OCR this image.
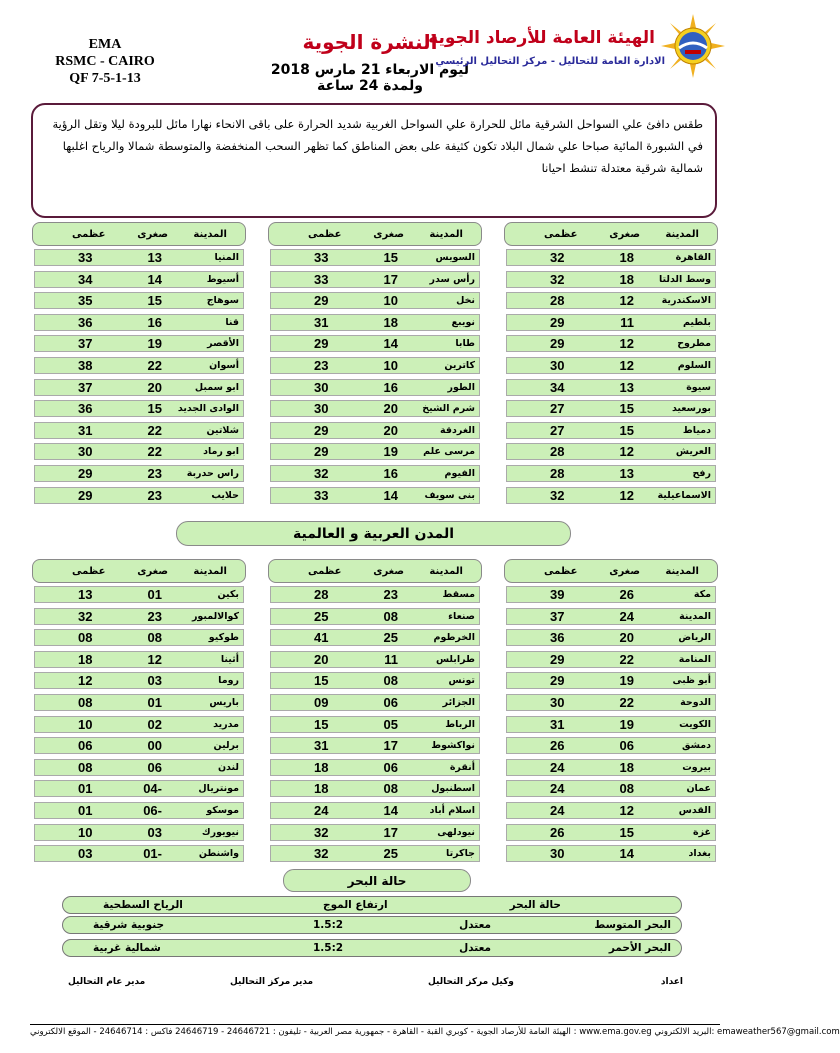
EMA
RSMC - CAIRO
QF 7-5-1-13
النشرة الجوية
ليوم الاربعاء 21 مارس 2018 ولمدة 24 ساعة
الهيئة العامة للأرصاد الجوية
الادارة العامة للتحاليل - مركز التحاليل الرئيسي
طقس دافئ علي السواحل الشرقية مائل للحرارة علي السواحل الغربية شديد الحرارة على باقى الانحاء نهارا مائل للبرودة ليلا وتقل الرؤية في الشبورة المائية صباحا علي شمال البلاد تكون كثيفة على بعض المناطق كما تظهر السحب المنخفضة والمتوسطة شمالا والرياح اغلبها شمالية شرقية معتدلة تنشط احيانا
المدينة
صغرى
عظمى
القاهرة
18
32
وسط الدلتا
18
32
الاسكندرية
12
28
بلطيم
11
29
مطروح
12
29
السلوم
12
30
سيوة
13
34
بورسعيد
15
27
دمياط
15
27
العريش
12
28
رفح
13
28
الاسماعيلية
12
32
المدينة
صغرى
عظمى
السويس
15
33
رأس سدر
17
33
نخل
10
29
نويبع
18
31
طابا
14
29
كاترين
10
23
الطور
16
30
شرم الشيخ
20
30
الغردقة
20
29
مرسى علم
19
29
الفيوم
16
32
بنى سويف
14
33
المدينة
صغرى
عظمى
المنيا
13
33
أسيوط
14
34
سوهاج
15
35
قنا
16
36
الأقصر
19
37
أسوان
22
38
ابو سمبل
20
37
الوادى الجديد
15
36
شلاتين
22
31
ابو رماد
22
30
راس حدربة
23
29
حلايب
23
29
المدن العربية و العالمية
المدينة
صغرى
عظمى
مكة
26
39
المدينة
24
37
الرياض
20
36
المنامة
22
29
أبو ظبى
19
29
الدوحة
22
30
الكويت
19
31
دمشق
06
26
بيروت
18
24
عمان
08
24
القدس
12
24
غزة
15
26
بغداد
14
30
المدينة
صغرى
عظمى
مسقط
23
28
صنعاء
08
25
الخرطوم
25
41
طرابلس
11
20
تونس
08
15
الجزائر
06
09
الرباط
05
15
نواكشوط
17
31
أنقرة
06
18
اسطنبول
08
18
اسلام أباد
14
24
نيودلهى
17
32
جاكرتا
25
32
المدينة
صغرى
عظمى
بكين
01
13
كوالالمبور
23
32
طوكيو
08
08
أثينا
12
18
روما
03
12
باريس
01
08
مدريد
02
10
برلين
00
06
لندن
06
08
مونتريال
04-
01
موسكو
06-
01
نيويورك
03
10
واشنطن
01-
03
حالة البحر
حالة البحر
ارتفاع الموج
الرياح السطحية
البحر المتوسط
معتدل
1.5:2
جنوبية شرقية
البحر الأحمر
معتدل
1.5:2
شمالية غربية
اعداد
وكيل مركز التحاليل
مدير مركز التحاليل
مدير عام التحاليل
الهيئة العامة للأرصاد الجوية - كوبري القبة - القاهرة - جمهورية مصر العربية - تليفون : 24646721 - 24646719 فاكس : 24646714 - الموقع الالكتروني : www.ema.gov.eg البريد الالكتروني: emaweather567@gmail.com
